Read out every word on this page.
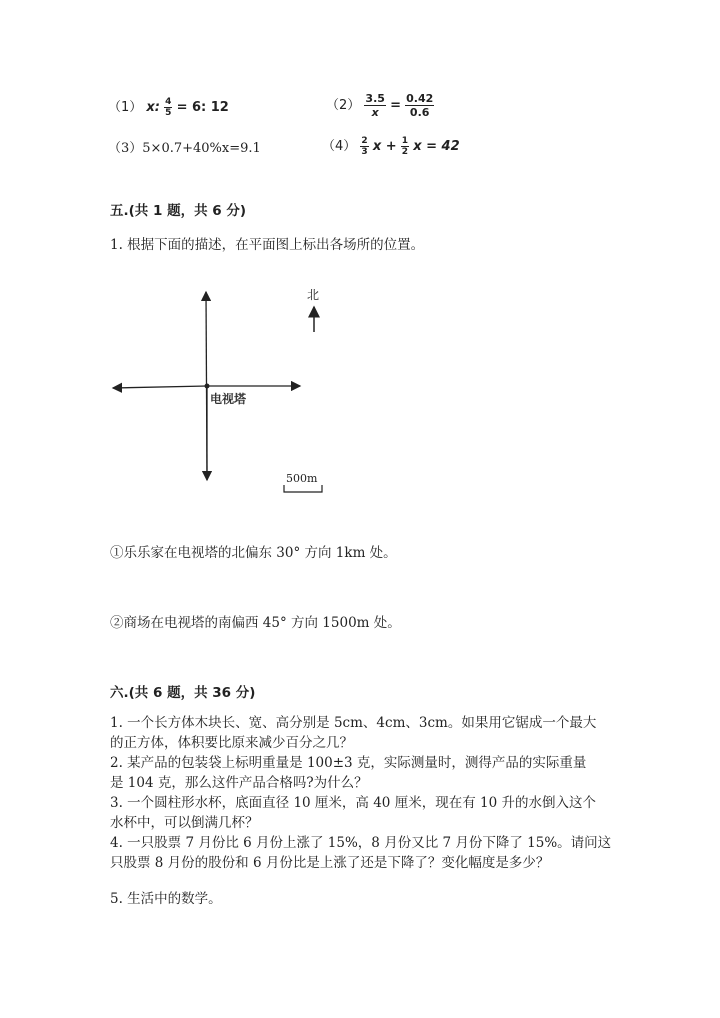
（1） x: $\frac{4}{5} = 6$: 12	$(2) \frac{3.5}{x} = \frac{0.42}{0.6}$
（3）5×0.7+40%x=9.1	$(4) \frac{2}{3}$ $x + \frac{1}{2}$ x = 42
五.(共 1 题，共 6 分)
1. 根据下面的描述，在平面图上标出各场所的位置。
北
电视塔
500m
①乐乐家在电视塔的北偏东 30° 方向 1km 处。
②商场在电视塔的南偏西 45° 方向 1500m 处。
六.(共 6 题，共 36 分)
1. 一个长方体木块长、宽、高分别是 5cm、4cm、3cm。如果用它锯成一个最大
的正方体，体积要比原来减少百分之几？
2. 某产品的包装袋上标明重量是 100±3 克，实际测量时，测得产品的实际重量
是 104 克，那么这件产品合格吗?为什么？
3. 一个圆柱形水杯，底面直径 10 厘米，高 40 厘米，现在有 10 升的水倒入这个
水杯中，可以倒满几杯？
4. 一只股票 7 月份比 6 月份上涨了 15%，8 月份又比 7 月份下降了 15%。请问这
只股票 8 月份的股份和 6 月份比是上涨了还是下降了？变化幅度是多少？
5. 生活中的数学。
